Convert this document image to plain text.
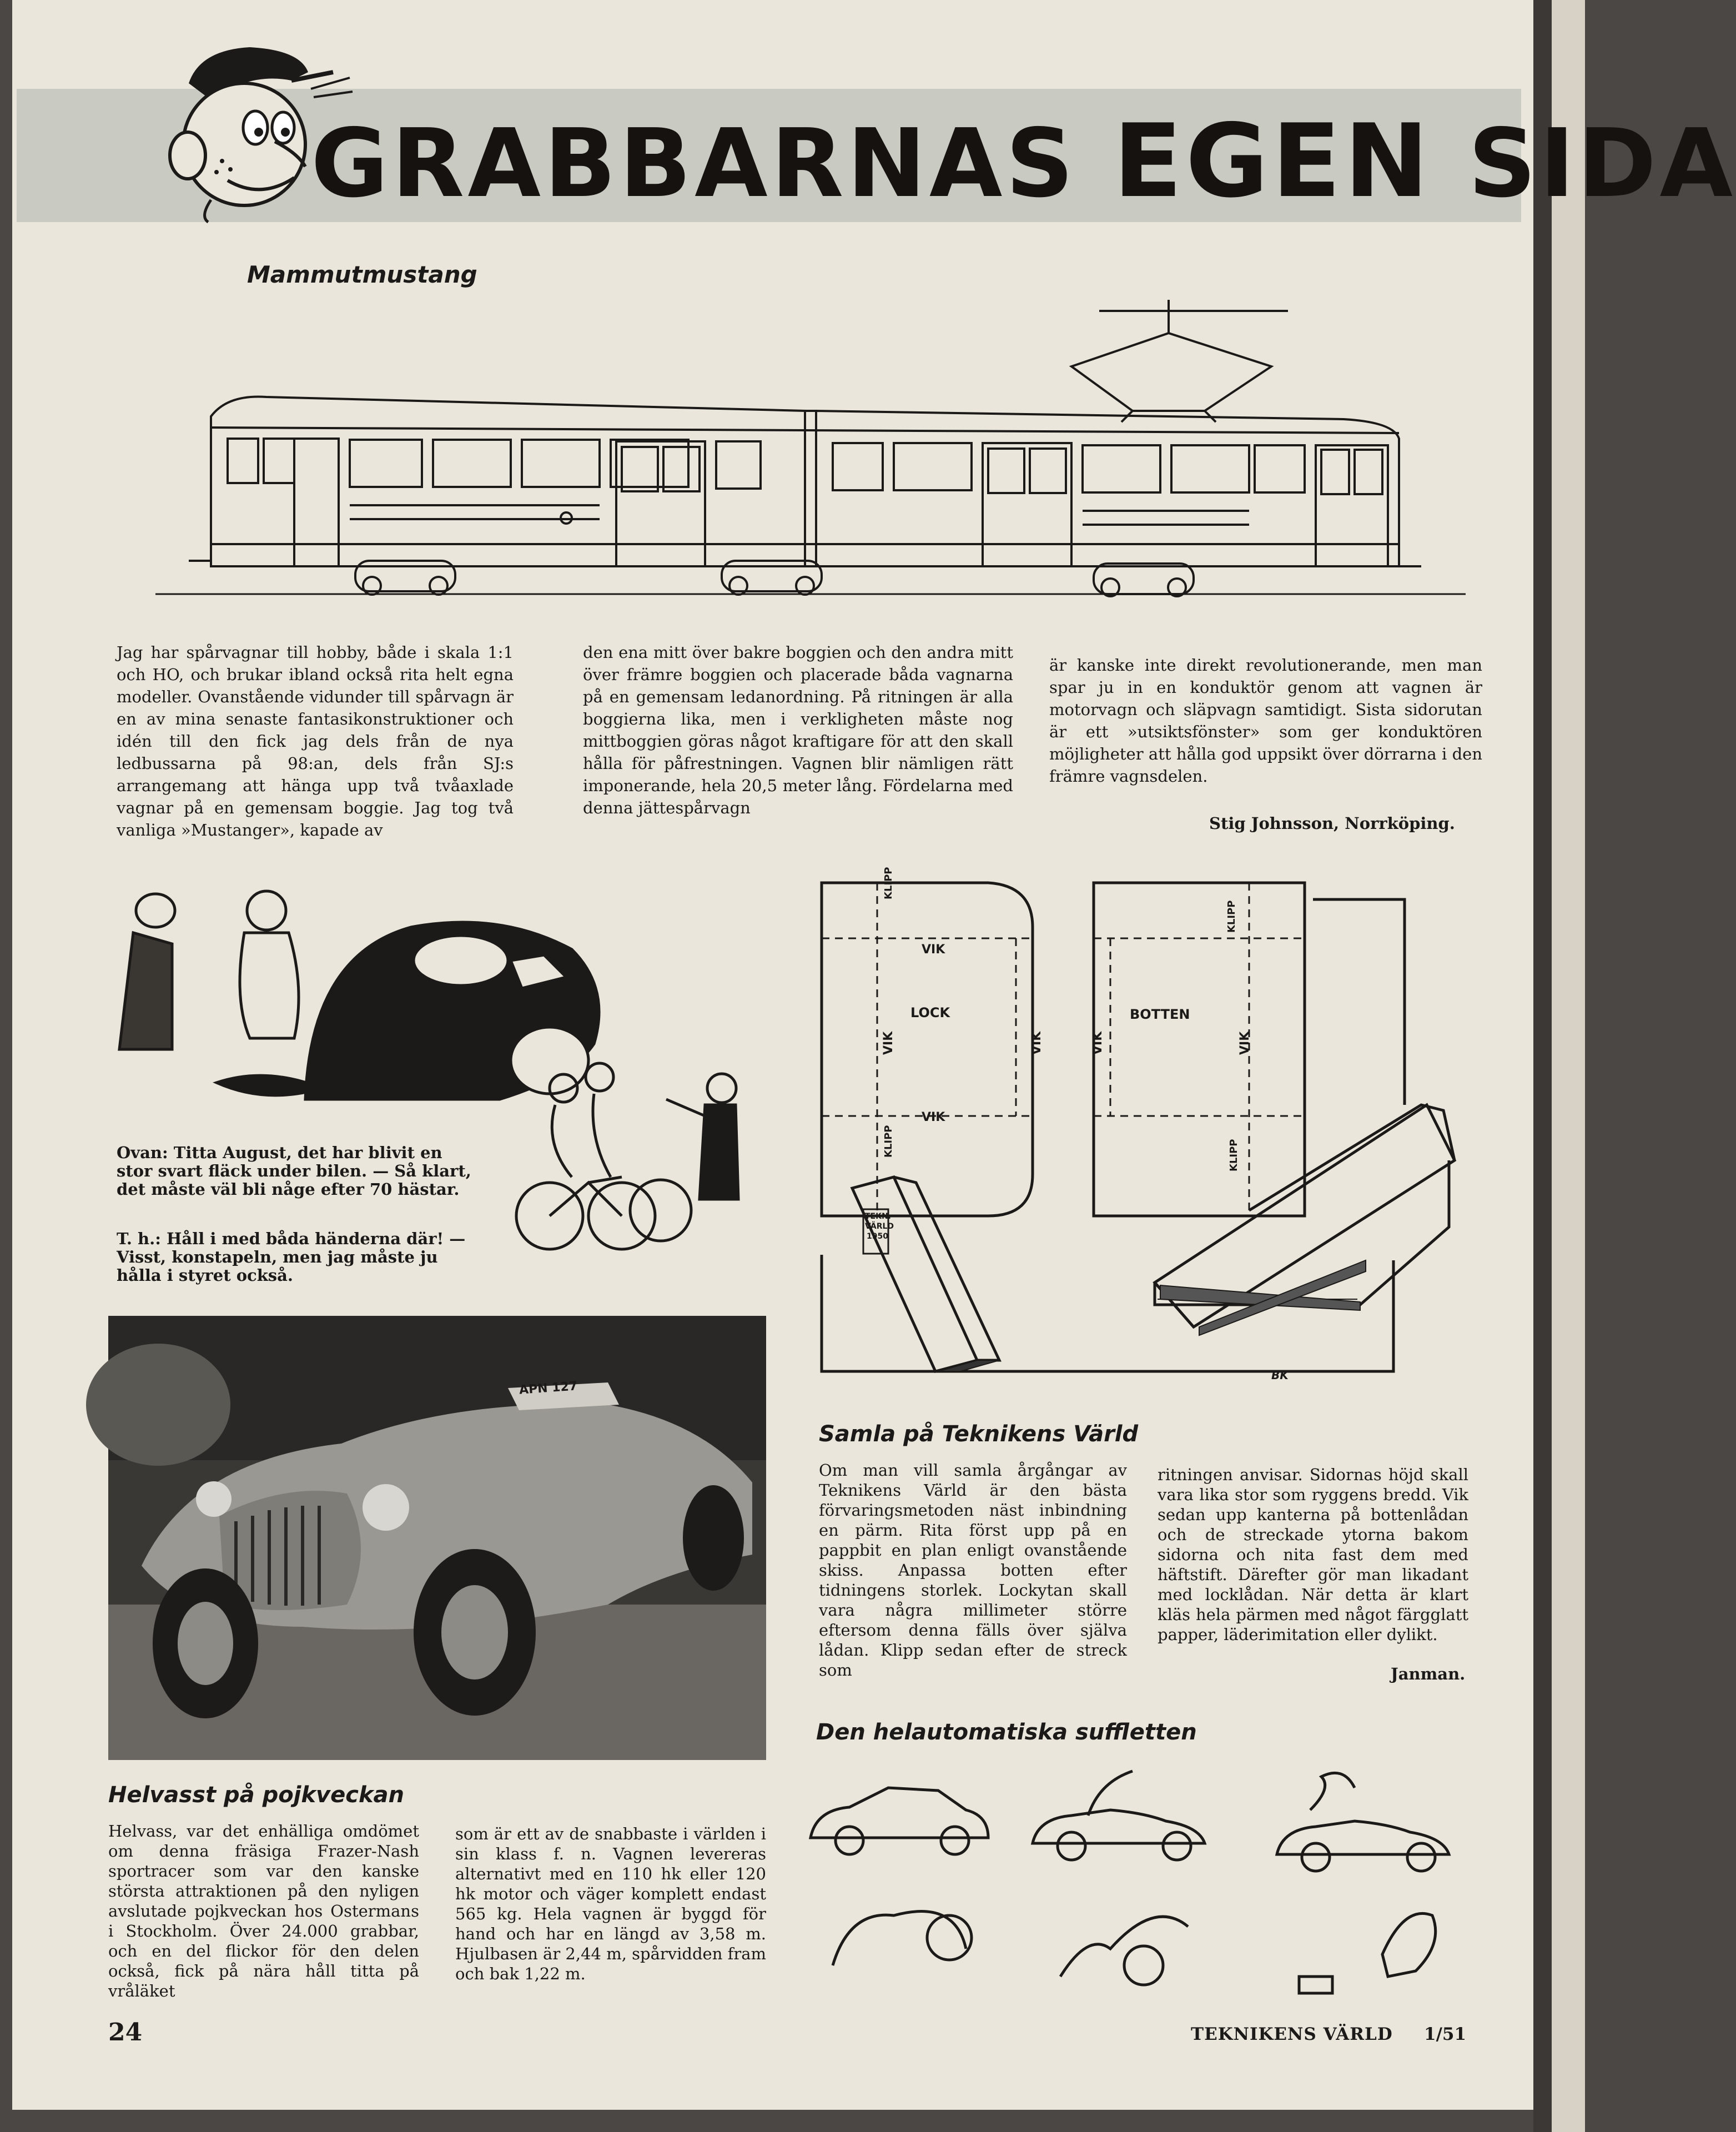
GRABBARNAS EGEN SIDA
Mammutmustang
Jag har spårvagnar till hobby, både i skala 1:1 och HO, och brukar ibland också rita helt egna modeller. Ovanstående vidunder till spårvagn är en av mina senaste fantasikonstruktioner och idén till den fick jag dels från de nya ledbussarna på 98:an, dels från SJ:s arrangemang att hänga upp två tvåaxlade vagnar på en gemensam boggie. Jag tog två vanliga »Mustanger», kapade av
den ena mitt över bakre boggien och den andra mitt över främre boggien och placerade båda vagnarna på en gemensam ledanordning. På ritningen är alla boggierna lika, men i verkligheten måste nog mittboggien göras något kraftigare för att den skall hålla för påfrestningen. Vagnen blir nämligen rätt imponerande, hela 20,5 meter lång. Fördelarna med denna jättespårvagn
är kanske inte direkt revolutionerande, men man spar ju in en konduktör genom att vagnen är motorvagn och släpvagn samtidigt. Sista sidorutan är ett »utsiktsfönster» som ger konduktören möjligheter att hålla god uppsikt över dörrarna i den främre vagnsdelen.
Stig Johnsson, Norrköping.
Ovan: Titta August, det har blivit en stor svart fläck under bilen. — Så klart, det måste väl bli någe efter 70 hästar.
T. h.: Håll i med båda händerna där! — Visst, konstapeln, men jag måste ju hålla i styret också.
KLIPP
VIK
LOCK
VIK	VIK
VIK
KLIPP
VIK
BOTTEN
VIK
KLIPP
KLIPP
TEKN.
VÄRLD
1950
BK
Samla på Teknikens Värld
Om man vill samla årgångar av Teknikens Värld är den bästa förvaringsmetoden näst inbindning en pärm. Rita först upp på en pappbit en plan enligt ovanstående skiss. Anpassa botten efter tidningens storlek. Lockytan skall vara några millimeter större eftersom denna fälls över själva lådan. Klipp sedan efter de streck som
ritningen anvisar. Sidornas höjd skall vara lika stor som ryggens bredd. Vik sedan upp kanterna på bottenlådan och de streckade ytorna bakom sidorna och nita fast dem med häftstift. Därefter gör man likadant med locklådan. När detta är klart kläs hela pärmen med något färgglatt papper, läderimitation eller dylikt.
Janman.
APN 127
Helvasst på pojkveckan
Helvass, var det enhälliga omdömet om denna fräsiga Frazer-Nash sportracer som var den kanske största attraktionen på den nyligen avslutade pojkveckan hos Ostermans i Stockholm. Över 24.000 grabbar, och en del flickor för den delen också, fick på nära håll titta på vråläket
som är ett av de snabbaste i världen i sin klass f. n. Vagnen levereras alternativt med en 110 hk eller 120 hk motor och väger komplett endast 565 kg. Hela vagnen är byggd för hand och har en längd av 3,58 m. Hjulbasen är 2,44 m, spårvidden fram och bak 1,22 m.
Den helautomatiska suffletten
24	TEKNIKENS VÄRLD 1/51
